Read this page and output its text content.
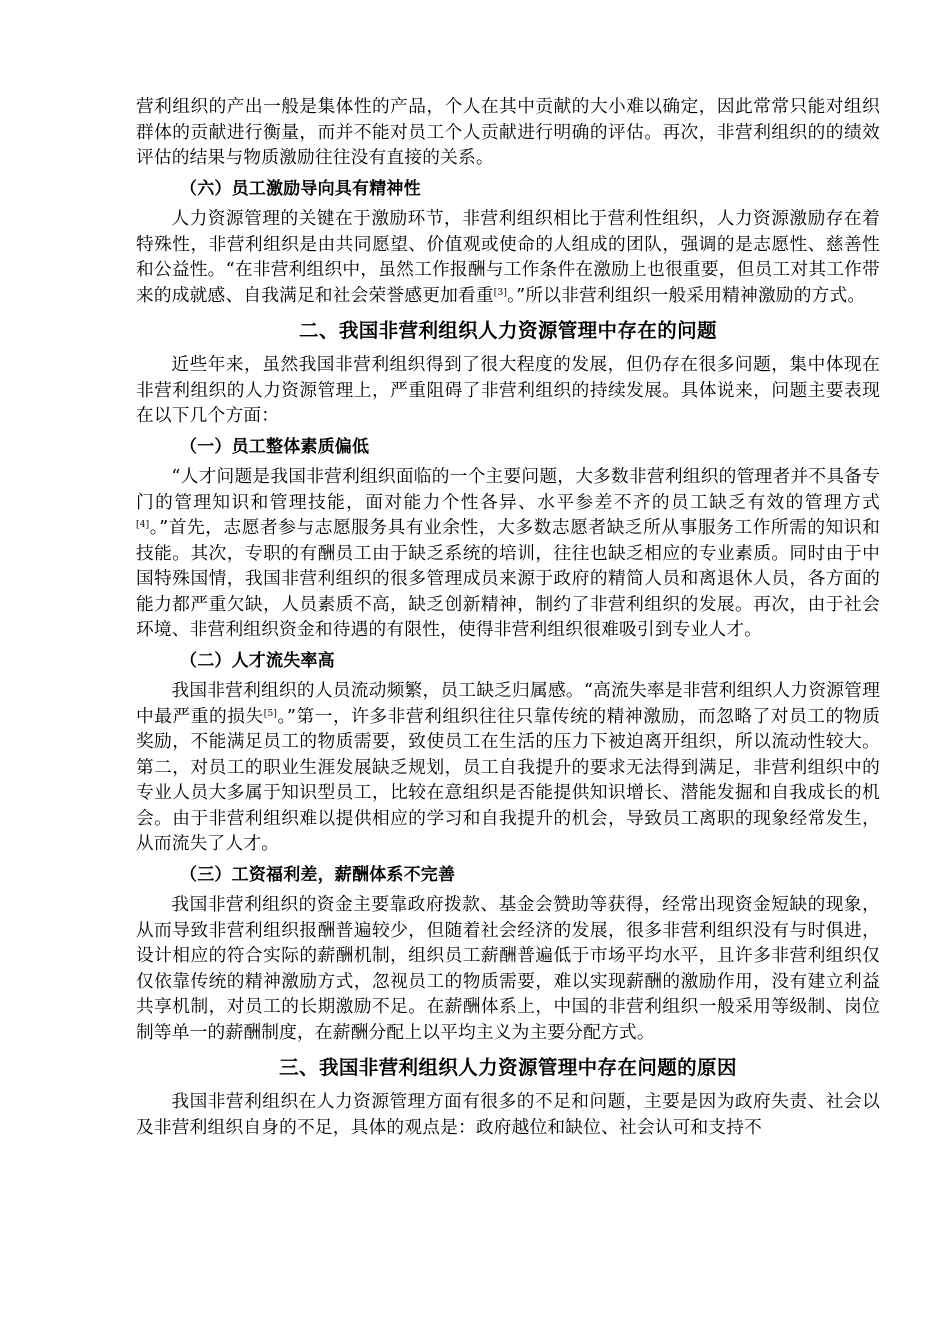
营利组织的产出一般是集体性的产品，个人在其中贡献的大小难以确定，因此常常只能对组织群体的贡献进行衡量，而并不能对员工个人贡献进行明确的评估。再次，非营利组织的的绩效评估的结果与物质激励往往没有直接的关系。

（六）员工激励导向具有精神性

人力资源管理的关键在于激励环节，非营利组织相比于营利性组织，人力资源激励存在着特殊性，非营利组织是由共同愿望、价值观或使命的人组成的团队，强调的是志愿性、慈善性和公益性。“在非营利组织中，虽然工作报酬与工作条件在激励上也很重要，但员工对其工作带来的成就感、自我满足和社会荣誉感更加看重[3]。”所以非营利组织一般采用精神激励的方式。

二、我国非营利组织人力资源管理中存在的问题

近些年来，虽然我国非营利组织得到了很大程度的发展，但仍存在很多问题，集中体现在非营利组织的人力资源管理上，严重阻碍了非营利组织的持续发展。具体说来，问题主要表现在以下几个方面：

（一）员工整体素质偏低

“人才问题是我国非营利组织面临的一个主要问题，大多数非营利组织的管理者并不具备专门的管理知识和管理技能，面对能力个性各异、水平参差不齐的员工缺乏有效的管理方式[4]。”首先，志愿者参与志愿服务具有业余性，大多数志愿者缺乏所从事服务工作所需的知识和技能。其次，专职的有酬员工由于缺乏系统的培训，往往也缺乏相应的专业素质。同时由于中国特殊国情，我国非营利组织的很多管理成员来源于政府的精简人员和离退休人员，各方面的能力都严重欠缺，人员素质不高，缺乏创新精神，制约了非营利组织的发展。再次，由于社会环境、非营利组织资金和待遇的有限性，使得非营利组织很难吸引到专业人才。

（二）人才流失率高

我国非营利组织的人员流动频繁，员工缺乏归属感。“高流失率是非营利组织人力资源管理中最严重的损失[5]。”第一，许多非营利组织往往只靠传统的精神激励，而忽略了对员工的物质奖励，不能满足员工的物质需要，致使员工在生活的压力下被迫离开组织，所以流动性较大。第二，对员工的职业生涯发展缺乏规划，员工自我提升的要求无法得到满足，非营利组织中的专业人员大多属于知识型员工，比较在意组织是否能提供知识增长、潜能发掘和自我成长的机会。由于非营利组织难以提供相应的学习和自我提升的机会，导致员工离职的现象经常发生，从而流失了人才。

（三）工资福利差，薪酬体系不完善

我国非营利组织的资金主要靠政府拨款、基金会赞助等获得，经常出现资金短缺的现象，从而导致非营利组织报酬普遍较少，但随着社会经济的发展，很多非营利组织没有与时俱进，设计相应的符合实际的薪酬机制，组织员工薪酬普遍低于市场平均水平，且许多非营利组织仅仅依靠传统的精神激励方式，忽视员工的物质需要，难以实现薪酬的激励作用，没有建立利益共享机制，对员工的长期激励不足。在薪酬体系上，中国的非营利组织一般采用等级制、岗位制等单一的薪酬制度，在薪酬分配上以平均主义为主要分配方式。

三、我国非营利组织人力资源管理中存在问题的原因

我国非营利组织在人力资源管理方面有很多的不足和问题，主要是因为政府失责、社会以及非营利组织自身的不足，具体的观点是：政府越位和缺位、社会认可和支持不
